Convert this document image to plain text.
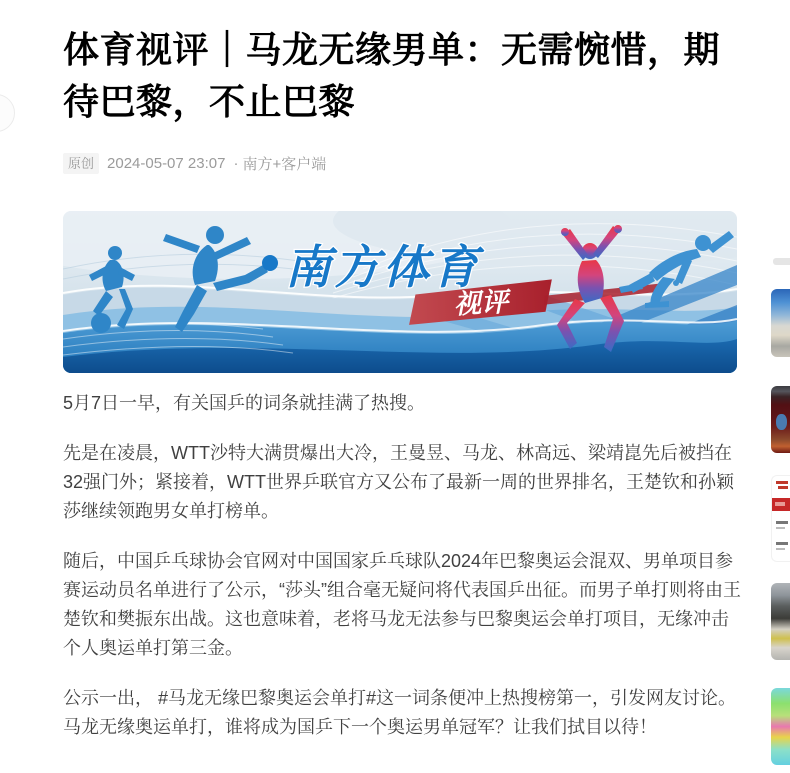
体育视评｜马龙无缘男单：无需惋惜，期待巴黎，不止巴黎
原创 2024-05-07 23:07 · 南方+客户端
南方体育
视评

5月7日一早，有关国乒的词条就挂满了热搜。

先是在凌晨，WTT沙特大满贯爆出大冷，王曼昱、马龙、林高远、梁靖崑先后被挡在32强门外；紧接着，WTT世界乒联官方又公布了最新一周的世界排名，王楚钦和孙颖莎继续领跑男女单打榜单。

随后，中国乒乓球协会官网对中国国家乒乓球队2024年巴黎奥运会混双、男单项目参赛运动员名单进行了公示，“莎头”组合毫无疑问将代表国乒出征。而男子单打则将由王楚钦和樊振东出战。这也意味着，老将马龙无法参与巴黎奥运会单打项目，无缘冲击个人奥运单打第三金。

公示一出， #马龙无缘巴黎奥运会单打#这一词条便冲上热搜榜第一，引发网友讨论。马龙无缘奥运单打，谁将成为国乒下一个奥运男单冠军？让我们拭目以待！
